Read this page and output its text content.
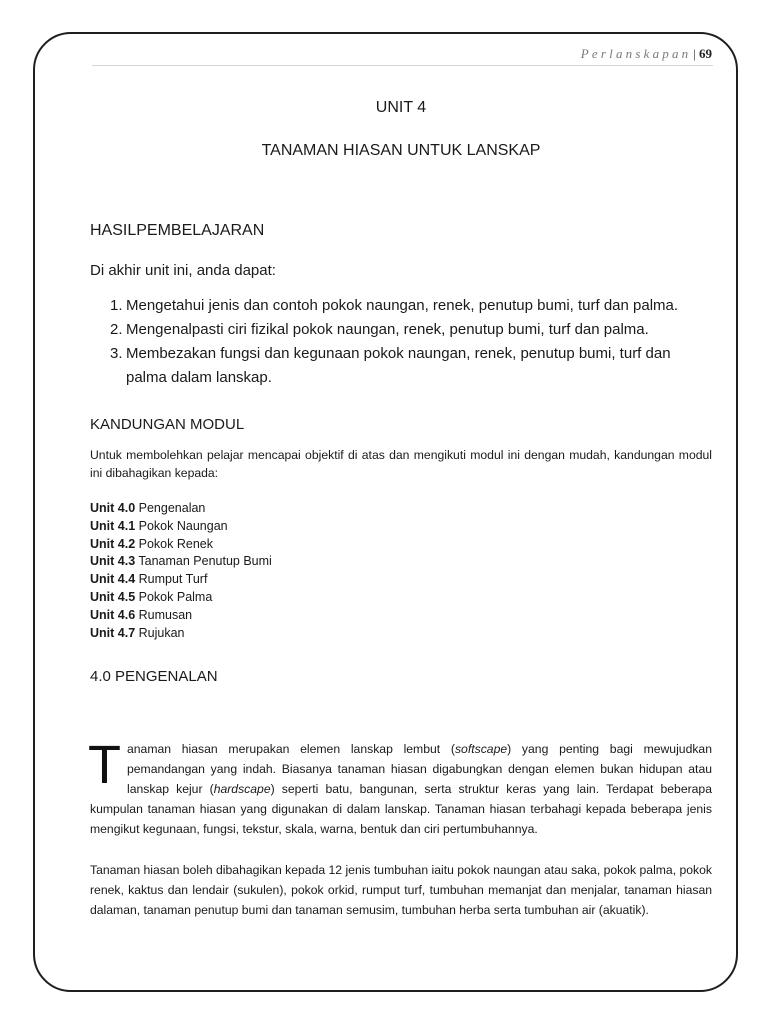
Perlanskapan | 69
UNIT 4
TANAMAN HIASAN UNTUK LANSKAP
HASILPEMBELAJARAN
Di akhir unit ini, anda dapat:
1. Mengetahui jenis dan contoh pokok naungan, renek, penutup bumi, turf dan palma.
2. Mengenalpasti ciri fizikal pokok naungan, renek, penutup bumi, turf dan palma.
3. Membezakan fungsi dan kegunaan pokok naungan, renek, penutup bumi, turf dan palma dalam lanskap.
KANDUNGAN MODUL
Untuk membolehkan pelajar mencapai objektif di atas dan mengikuti modul ini dengan mudah, kandungan modul ini dibahagikan kepada:
Unit 4.0 Pengenalan
Unit 4.1 Pokok Naungan
Unit 4.2 Pokok Renek
Unit 4.3 Tanaman Penutup Bumi
Unit 4.4 Rumput Turf
Unit 4.5 Pokok Palma
Unit 4.6 Rumusan
Unit 4.7 Rujukan
4.0 PENGENALAN
Tanaman hiasan merupakan elemen lanskap lembut (softscape) yang penting bagi mewujudkan pemandangan yang indah. Biasanya tanaman hiasan digabungkan dengan elemen bukan hidupan atau lanskap kejur (hardscape) seperti batu, bangunan, serta struktur keras yang lain. Terdapat beberapa kumpulan tanaman hiasan yang digunakan di dalam lanskap. Tanaman hiasan terbahagi kepada beberapa jenis mengikut kegunaan, fungsi, tekstur, skala, warna, bentuk dan ciri pertumbuhannya.
Tanaman hiasan boleh dibahagikan kepada 12 jenis tumbuhan iaitu pokok naungan atau saka, pokok palma, pokok renek, kaktus dan lendair (sukulen), pokok orkid, rumput turf, tumbuhan memanjat dan menjalar, tanaman hiasan dalaman, tanaman penutup bumi dan tanaman semusim, tumbuhan herba serta tumbuhan air (akuatik).
